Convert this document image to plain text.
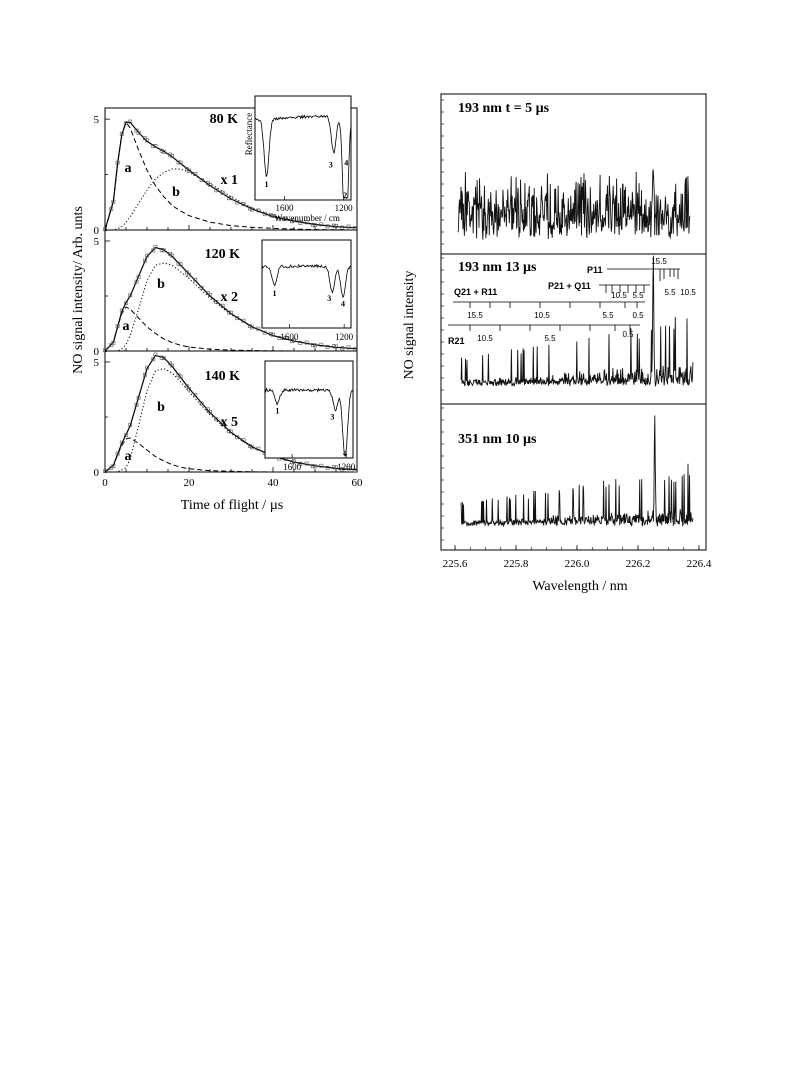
NO signal intensity/ Arb. unts
Time of flight / µs
0	20	40	60
0
5
a
b
80 K
x 1
1600	1200
1
2
3 4
Reflectance
Wavenumber / cm
0
5
a
b
120 K
x 2
1600	1200
1
3
4
0
5
a
b
140 K
x 5
1600	1200
1
3
4
NO signal intensity
Wavelength / nm
225.6	225.8	226.0	226.2	226.4
193 nm t = 5 µs
193 nm 13 µs
351 nm 10 µs
P11
15.5
5.5 10.5
P21 + Q11
10.5 5.5
Q21 + R11
15.5	10.5	5.5 0.5
R21 10.5	5.5	0.5
